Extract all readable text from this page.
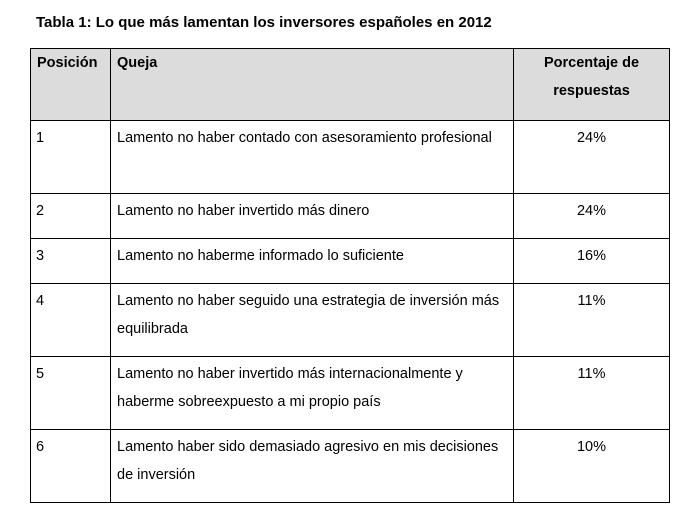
Tabla 1: Lo que más lamentan los inversores españoles en 2012

Posición	Queja	Porcentaje de respuestas
1	Lamento no haber contado con asesoramiento profesional	24%
2	Lamento no haber invertido más dinero	24%
3	Lamento no haberme informado lo suficiente	16%
4	Lamento no haber seguido una estrategia de inversión más equilibrada	11%
5	Lamento no haber invertido más internacionalmente y haberme sobreexpuesto a mi propio país	11%
6	Lamento haber sido demasiado agresivo en mis decisiones de inversión	10%
